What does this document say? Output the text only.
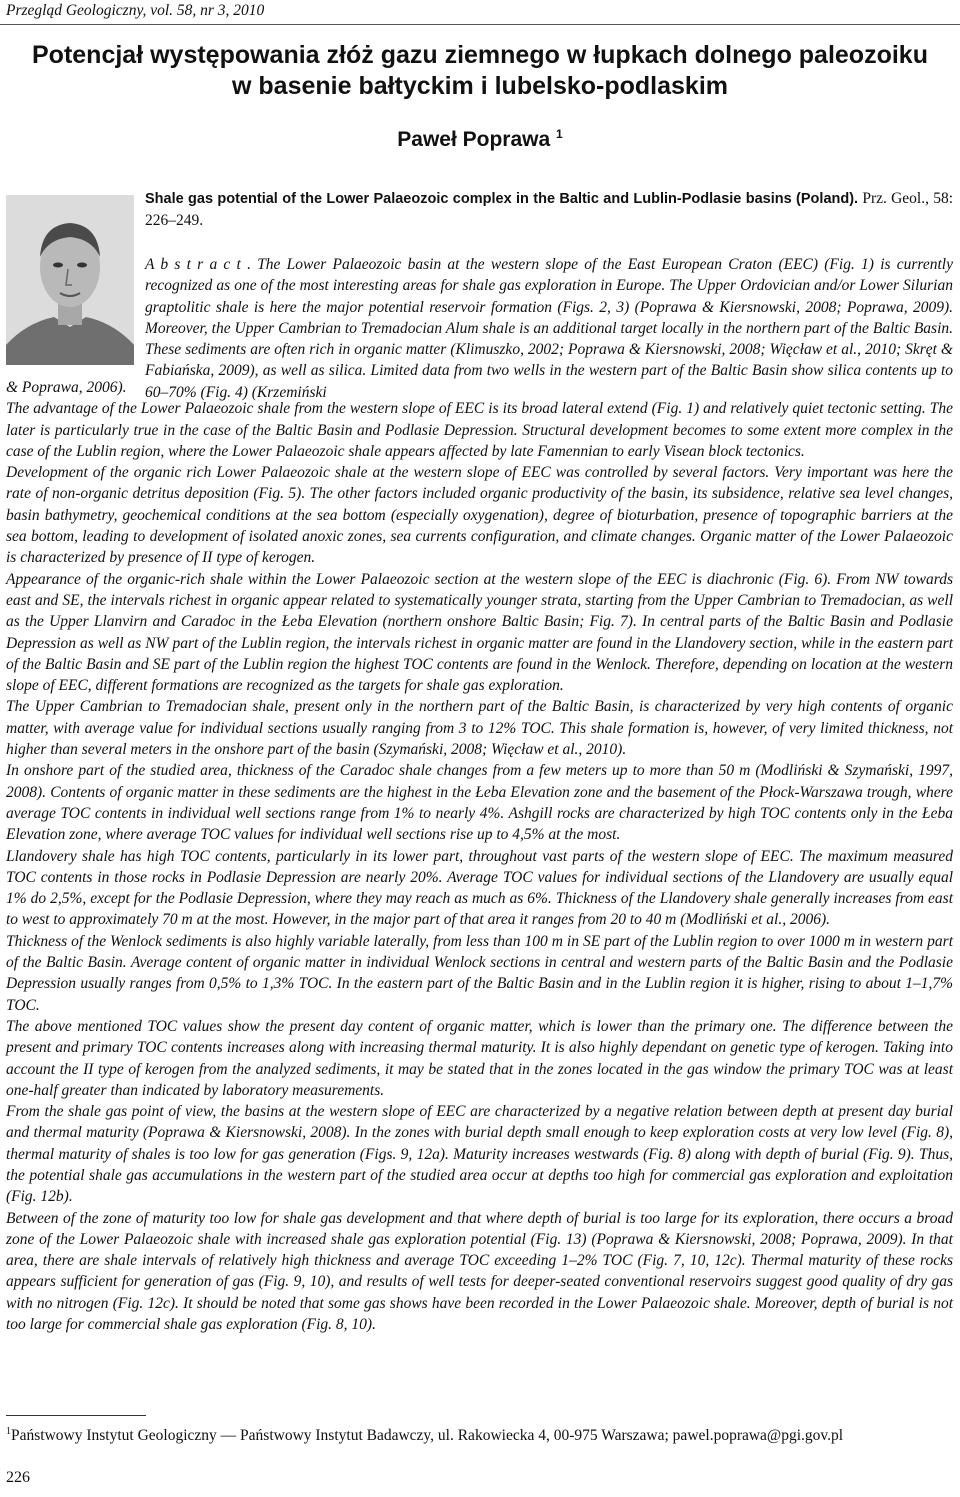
Przegląd Geologiczny, vol. 58, nr 3, 2010
Potencjał występowania złóż gazu ziemnego w łupkach dolnego paleozoiku
w basenie bałtyckim i lubelsko-podlaskim
Paweł Poprawa $^1$
Shale gas potential of the Lower Palaeozoic complex in the Baltic and Lublin-Podlasie basins (Poland). Prz. Geol., 58: 226–249.
A b s t r a c t . The Lower Palaeozoic basin at the western slope of the East European Craton (EEC) (Fig. 1) is currently recognized as one of the most interesting areas for shale gas exploration in Europe. The Upper Ordovician and/or Lower Silurian graptolitic shale is here the major potential reservoir formation (Figs. 2, 3) (Poprawa & Kiersnowski, 2008; Poprawa, 2009). Moreover, the Upper Cambrian to Tremadocian Alum shale is an additional target locally in the northern part of the Baltic Basin. These sediments are often rich in organic matter (Klimuszko, 2002; Poprawa & Kiersnowski, 2008; Więcław et al., 2010; Skręt & Fabiańska, 2009), as well as silica. Limited data from two wells in the western part of the Baltic Basin show silica contents up to 60–70% (Fig. 4) (Krzemiński

& Poprawa, 2006).

The advantage of the Lower Palaeozoic shale from the western slope of EEC is its broad lateral extend (Fig. 1) and relatively quiet tectonic setting. The later is particularly true in the case of the Baltic Basin and Podlasie Depression. Structural development becomes to some extent more complex in the case of the Lublin region, where the Lower Palaeozoic shale appears affected by late Famennian to early Visean block tectonics.

Development of the organic rich Lower Palaeozoic shale at the western slope of EEC was controlled by several factors. Very important was here the rate of non-organic detritus deposition (Fig. 5). The other factors included organic productivity of the basin, its subsidence, relative sea level changes, basin bathymetry, geochemical conditions at the sea bottom (especially oxygenation), degree of bioturbation, presence of topographic barriers at the sea bottom, leading to development of isolated anoxic zones, sea currents configuration, and climate changes. Organic matter of the Lower Palaeozoic is characterized by presence of II type of kerogen.

Appearance of the organic-rich shale within the Lower Palaeozoic section at the western slope of the EEC is diachronic (Fig. 6). From NW towards east and SE, the intervals richest in organic appear related to systematically younger strata, starting from the Upper Cambrian to Tremadocian, as well as the Upper Llanvirn and Caradoc in the Łeba Elevation (northern onshore Baltic Basin; Fig. 7). In central parts of the Baltic Basin and Podlasie Depression as well as NW part of the Lublin region, the intervals richest in organic matter are found in the Llandovery section, while in the eastern part of the Baltic Basin and SE part of the Lublin region the highest TOC contents are found in the Wenlock. Therefore, depending on location at the western slope of EEC, different formations are recognized as the targets for shale gas exploration.

The Upper Cambrian to Tremadocian shale, present only in the northern part of the Baltic Basin, is characterized by very high contents of organic matter, with average value for individual sections usually ranging from 3 to 12% TOC. This shale formation is, however, of very limited thickness, not higher than several meters in the onshore part of the basin (Szymański, 2008; Więcław et al., 2010).

In onshore part of the studied area, thickness of the Caradoc shale changes from a few meters up to more than 50 m (Modliński & Szymański, 1997, 2008). Contents of organic matter in these sediments are the highest in the Łeba Elevation zone and the basement of the Płock-Warszawa trough, where average TOC contents in individual well sections range from 1% to nearly 4%. Ashgill rocks are characterized by high TOC contents only in the Łeba Elevation zone, where average TOC values for individual well sections rise up to 4,5% at the most.

Llandovery shale has high TOC contents, particularly in its lower part, throughout vast parts of the western slope of EEC. The maximum measured TOC contents in those rocks in Podlasie Depression are nearly 20%. Average TOC values for individual sections of the Llandovery are usually equal 1% do 2,5%, except for the Podlasie Depression, where they may reach as much as 6%. Thickness of the Llandovery shale generally increases from east to west to approximately 70 m at the most. However, in the major part of that area it ranges from 20 to 40 m (Modliński et al., 2006).

Thickness of the Wenlock sediments is also highly variable laterally, from less than 100 m in SE part of the Lublin region to over 1000 m in western part of the Baltic Basin. Average content of organic matter in individual Wenlock sections in central and western parts of the Baltic Basin and the Podlasie Depression usually ranges from 0,5% to 1,3% TOC. In the eastern part of the Baltic Basin and in the Lublin region it is higher, rising to about 1–1,7% TOC.

The above mentioned TOC values show the present day content of organic matter, which is lower than the primary one. The difference between the present and primary TOC contents increases along with increasing thermal maturity. It is also highly dependant on genetic type of kerogen. Taking into account the II type of kerogen from the analyzed sediments, it may be stated that in the zones located in the gas window the primary TOC was at least one-half greater than indicated by laboratory measurements.

From the shale gas point of view, the basins at the western slope of EEC are characterized by a negative relation between depth at present day burial and thermal maturity (Poprawa & Kiersnowski, 2008). In the zones with burial depth small enough to keep exploration costs at very low level (Fig. 8), thermal maturity of shales is too low for gas generation (Figs. 9, 12a). Maturity increases westwards (Fig. 8) along with depth of burial (Fig. 9). Thus, the potential shale gas accumulations in the western part of the studied area occur at depths too high for commercial gas exploration and exploitation (Fig. 12b).

Between of the zone of maturity too low for shale gas development and that where depth of burial is too large for its exploration, there occurs a broad zone of the Lower Palaeozoic shale with increased shale gas exploration potential (Fig. 13) (Poprawa & Kiersnowski, 2008; Poprawa, 2009). In that area, there are shale intervals of relatively high thickness and average TOC exceeding 1–2% TOC (Fig. 7, 10, 12c). Thermal maturity of these rocks appears sufficient for generation of gas (Fig. 9, 10), and results of well tests for deeper-seated conventional reservoirs suggest good quality of dry gas with no nitrogen (Fig. 12c). It should be noted that some gas shows have been recorded in the Lower Palaeozoic shale. Moreover, depth of burial is not too large for commercial shale gas exploration (Fig. 8, 10).

$^1$Państwowy Instytut Geologiczny — Państwowy Instytut Badawczy, ul. Rakowiecka 4, 00-975 Warszawa; pawel.poprawa@pgi.gov.pl
226
